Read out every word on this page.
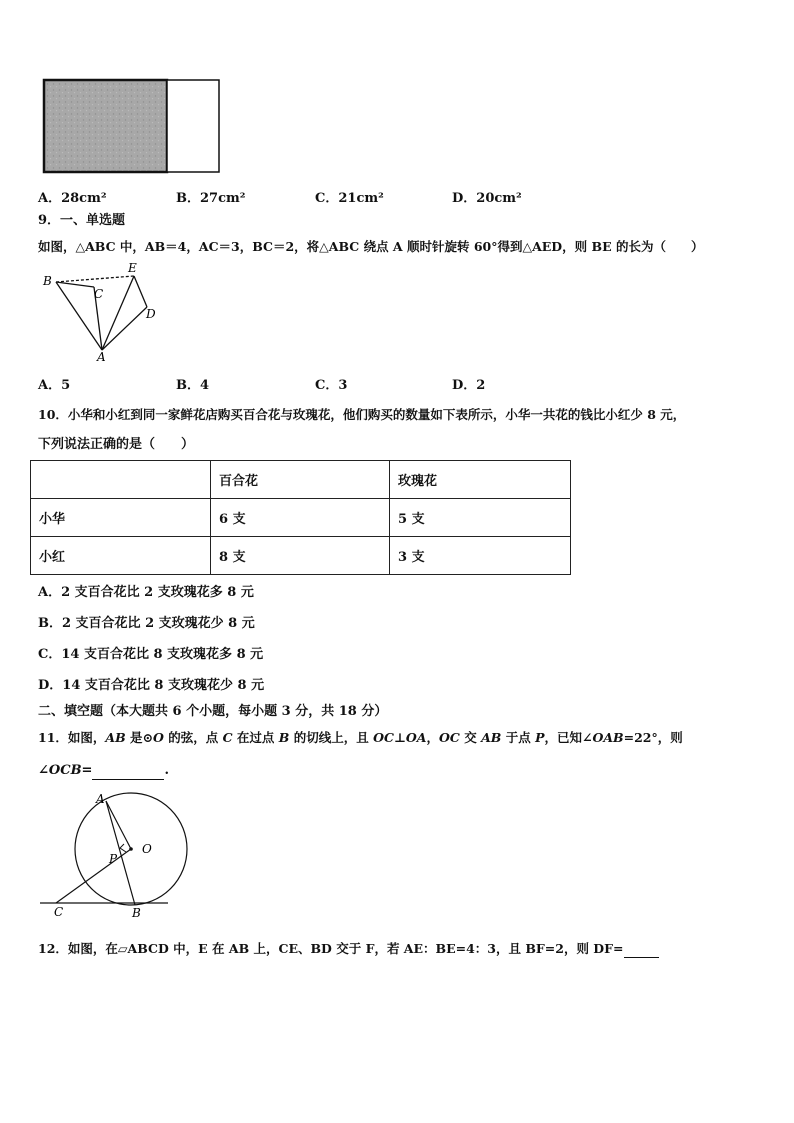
A．28cm²	B．27cm²	C．21cm²	D．20cm²
9．一、单选题
如图，△ABC 中，AB＝4，AC＝3，BC＝2，将△ABC 绕点 A 顺时针旋转 60°得到△AED，则 BE 的长为（　　）
B
C
E
D
A
A．5	B．4	C．3	D．2
10．小华和小红到同一家鲜花店购买百合花与玫瑰花，他们购买的数量如下表所示，小华一共花的钱比小红少 8 元，
下列说法正确的是（　　）
	百合花	玫瑰花
小华	6 支	5 支
小红	8 支	3 支
A．2 支百合花比 2 支玫瑰花多 8 元
B．2 支百合花比 2 支玫瑰花少 8 元
C．14 支百合花比 8 支玫瑰花多 8 元
D．14 支百合花比 8 支玫瑰花少 8 元
二、填空题（本大题共 6 个小题，每小题 3 分，共 18 分）
11．如图，AB 是⊙O 的弦，点 C 在过点 B 的切线上，且 OC⊥OA，OC 交 AB 于点 P，已知∠OAB=22°，则
∠OCB=	.
A
O
P
C	B
12．如图，在▱ABCD 中，E 在 AB 上，CE、BD 交于 F，若 AE：BE=4：3，且 BF=2，则 DF=
